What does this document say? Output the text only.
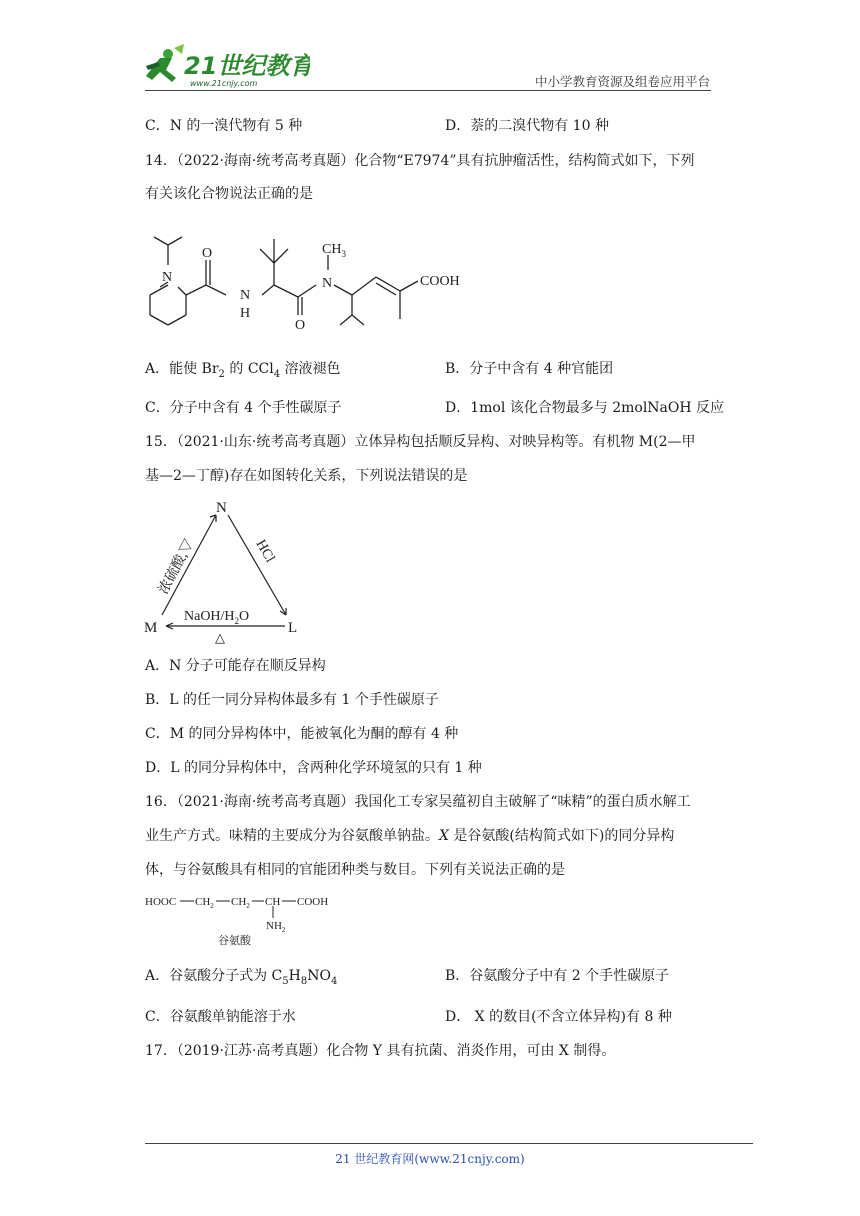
21世纪教育
www.21cnjy.com	中小学教育资源及组卷应用平台
C．N 的一溴代物有 5 种	D．萘的二溴代物有 10 种
14．（2022·海南·统考高考真题）化合物“E7974”具有抗肿瘤活性，结构简式如下，下列
有关该化合物说法正确的是
N
O
N
H
O
N
$CH_3$
COOH
A．能使 $Br_2$ 的 CCl$_4$ 溶液褪色	B．分子中含有 4 种官能团
C．分子中含有 4 个手性碳原子	D．1mol 该化合物最多与 2molNaOH 反应
15．（2021·山东·统考高考真题）立体异构包括顺反异构、对映异构等。有机物 M(2—甲
基—2—丁醇)存在如图转化关系，下列说法错误的是
N
M	L
浓硫酸,▽	HCl
NaOH/$H_2O$
△
A．N 分子可能存在顺反异构
B．L 的任一同分异构体最多有 1 个手性碳原子
C．M 的同分异构体中，能被氧化为酮的醇有 4 种
D．L 的同分异构体中，含两种化学环境氢的只有 1 种
16．（2021·海南·统考高考真题）我国化工专家吴蕴初自主破解了“味精”的蛋白质水解工
业生产方式。味精的主要成分为谷氨酸单钠盐。X 是谷氨酸(结构简式如下)的同分异构
体，与谷氨酸具有相同的官能团种类与数目。下列有关说法正确的是
HOOC $CH_2$ $CH_2$ CH COOH
$NH_2$
谷氨酸
A．谷氨酸分子式为 $C_5H_8NO_4$	B．谷氨酸分子中有 2 个手性碳原子
C．谷氨酸单钠能溶于水	D． X 的数目(不含立体异构)有 8 种
17．（2019·江苏·高考真题）化合物 Y 具有抗菌、消炎作用，可由 X 制得。
21 世纪教育网(www.21cnjy.com)
